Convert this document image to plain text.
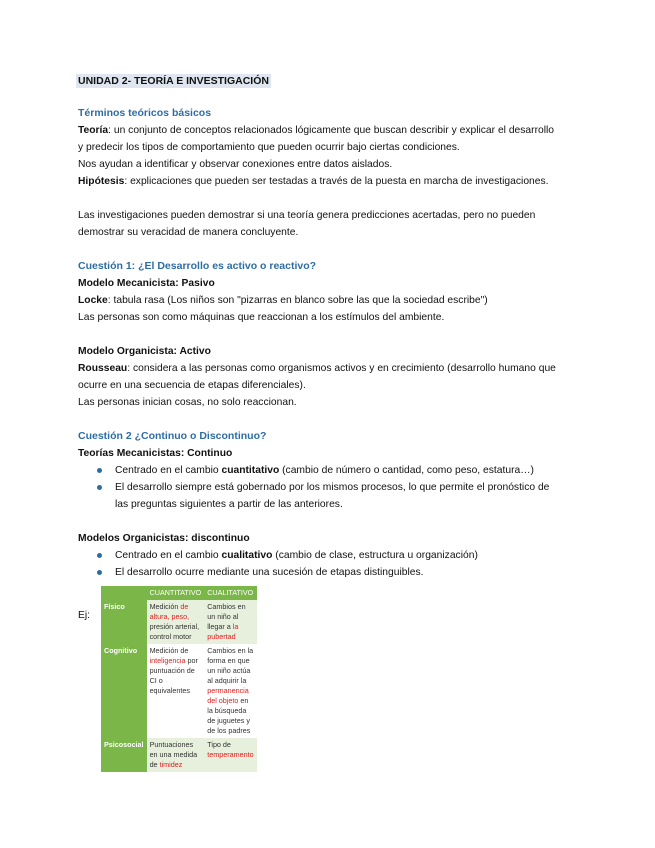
UNIDAD 2- TEORÍA E INVESTIGACIÓN

Términos teóricos básicos

Teoría: un conjunto de conceptos relacionados lógicamente que buscan describir y explicar el desarrollo

y predecir los tipos de comportamiento que pueden ocurrir bajo ciertas condiciones.

Nos ayudan a identificar y observar conexiones entre datos aislados.

Hipótesis: explicaciones que pueden ser testadas a través de la puesta en marcha de investigaciones.

Las investigaciones pueden demostrar si una teoría genera predicciones acertadas, pero no pueden

demostrar su veracidad de manera concluyente.

Cuestión 1: ¿El Desarrollo es activo o reactivo?

Modelo Mecanicista: Pasivo

Locke: tabula rasa (Los niños son "pizarras en blanco sobre las que la sociedad escribe")

Las personas son como máquinas que reaccionan a los estímulos del ambiente.

Modelo Organicista: Activo

Rousseau: considera a las personas como organismos activos y en crecimiento (desarrollo humano que

ocurre en una secuencia de etapas diferenciales).

Las personas inician cosas, no solo reaccionan.

Cuestión 2 ¿Continuo o Discontinuo?

Teorías Mecanicistas: Continuo

Centrado en el cambio cuantitativo (cambio de número o cantidad, como peso, estatura…)
El desarrollo siempre está gobernado por los mismos procesos, lo que permite el pronóstico de
las preguntas siguientes a partir de las anteriores.

Modelos Organicistas: discontinuo

Centrado en el cambio cualitativo (cambio de clase, estructura u organización)
El desarrollo ocurre mediante una sucesión de etapas distinguibles.
Ej:
	CUANTITATIVO	CUALITATIVO
Físico	Medición de altura, peso, presión arterial, control motor	Cambios en un niño al llegar a la pubertad
Cognitivo	Medición de inteligencia por puntuación de CI o equivalentes	Cambios en la forma en que un niño actúa al adquirir la permanencia del objeto en la búsqueda de juguetes y de los padres
Psicosocial	Puntuaciones en una medida de timidez	Tipo de temperamento
